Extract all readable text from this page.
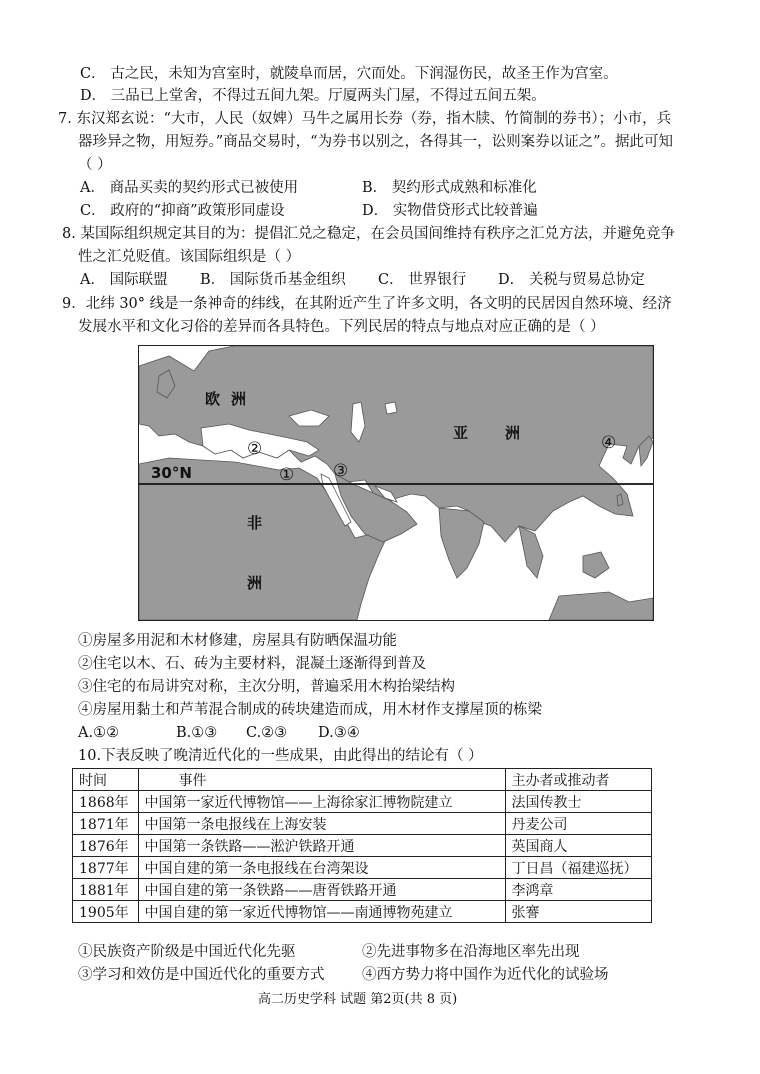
C． 古之民，未知为宫室时，就陵阜而居，穴而处。下润湿伤民，故圣王作为宫室。
D． 三品已上堂舍，不得过五间九架。厅厦两头门屋，不得过五间五架。
7. 东汉郑玄说：“大市，人民（奴婢）马牛之属用长券（券，指木牍、竹简制的券书）；小市，兵
器珍异之物，用短券。”商品交易时，“为券书以别之，各得其一，讼则案券以证之”。据此可知
（ ）
A． 商品买卖的契约形式已被使用	B． 契约形式成熟和标准化
C． 政府的“抑商”政策形同虚设	D． 实物借贷形式比较普遍
8. 某国际组织规定其目的为：提倡汇兑之稳定，在会员国间维持有秩序之汇兑方法，并避免竞争
性之汇兑贬值。该国际组织是（ ）
A． 国际联盟 B． 国际货币基金组织 C． 世界银行 D． 关税与贸易总协定
9．北纬 30° 线是一条神奇的纬线，在其附近产生了许多文明，各文明的民居因自然环境、经济
发展水平和文化习俗的差异而各具特色。下列民居的特点与地点对应正确的是（ ）
欧 洲
亚 洲
非
洲
30°N	①
②
③
④
①房屋多用泥和木材修建，房屋具有防晒保温功能
②住宅以木、石、砖为主要材料，混凝土逐渐得到普及
③住宅的布局讲究对称，主次分明，普遍采用木构抬梁结构
④房屋用黏土和芦苇混合制成的砖块建造而成，用木材作支撑屋顶的栋梁
A.①②	B.①③ C.②③ D.③④
10.下表反映了晚清近代化的一些成果，由此得出的结论有（ ）
时间	事件	主办者或推动者
1868年	中国第一家近代博物馆——上海徐家汇博物院建立	法国传教士
1871年	中国第一条电报线在上海安装	丹麦公司
1876年	中国第一条铁路——淞沪铁路开通	英国商人
1877年	中国自建的第一条电报线在台湾架设	丁日昌（福建巡抚）
1881年	中国自建的第一条铁路——唐胥铁路开通	李鸿章
1905年	中国自建的第一家近代博物馆——南通博物苑建立	张謇
①民族资产阶级是中国近代化先驱	②先进事物多在沿海地区率先出现
③学习和效仿是中国近代化的重要方式	④西方势力将中国作为近代化的试验场
高二历史学科 试题 第2页(共 8 页)
